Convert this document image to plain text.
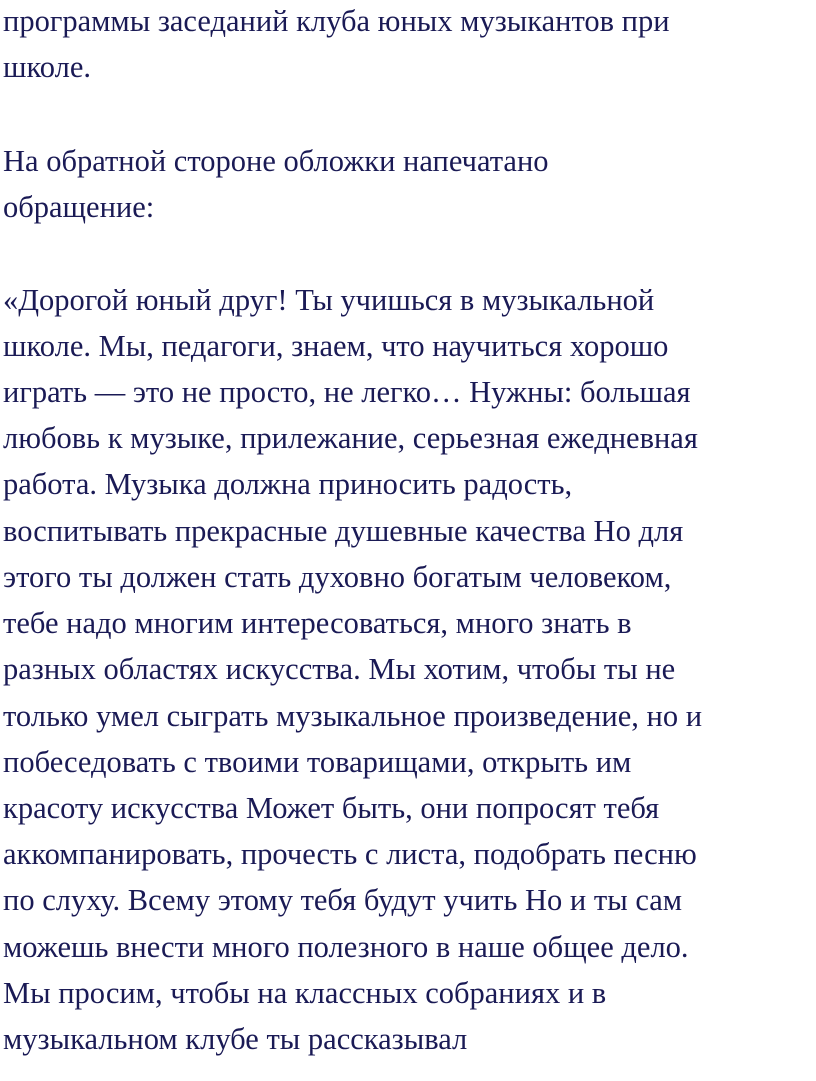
программы заседаний клуба юных музыкантов при
школе.
На обратной стороне обложки напечатано
обращение:
«Дорогой юный друг! Ты учишься в музыкальной
школе. Мы, педагоги, знаем, что научиться хорошо
играть — это не просто, не легко… Нужны: большая
любовь к музыке, прилежание, серьезная ежедневная
работа. Музыка должна приносить радость,
воспитывать прекрасные душевные качества Но для
этого ты должен стать духовно богатым человеком,
тебе надо многим интересоваться, много знать в
разных областях искусства. Мы хотим, чтобы ты не
только умел сыграть музыкальное произведение, но и
побеседовать с твоими товарищами, открыть им
красоту искусства Может быть, они попросят тебя
аккомпанировать, прочесть с листа, подобрать песню
по слуху. Всему этому тебя будут учить Но и ты сам
можешь внести много полезного в наше общее дело.
Мы просим, чтобы на классных собраниях и в
музыкальном клубе ты рассказывал
